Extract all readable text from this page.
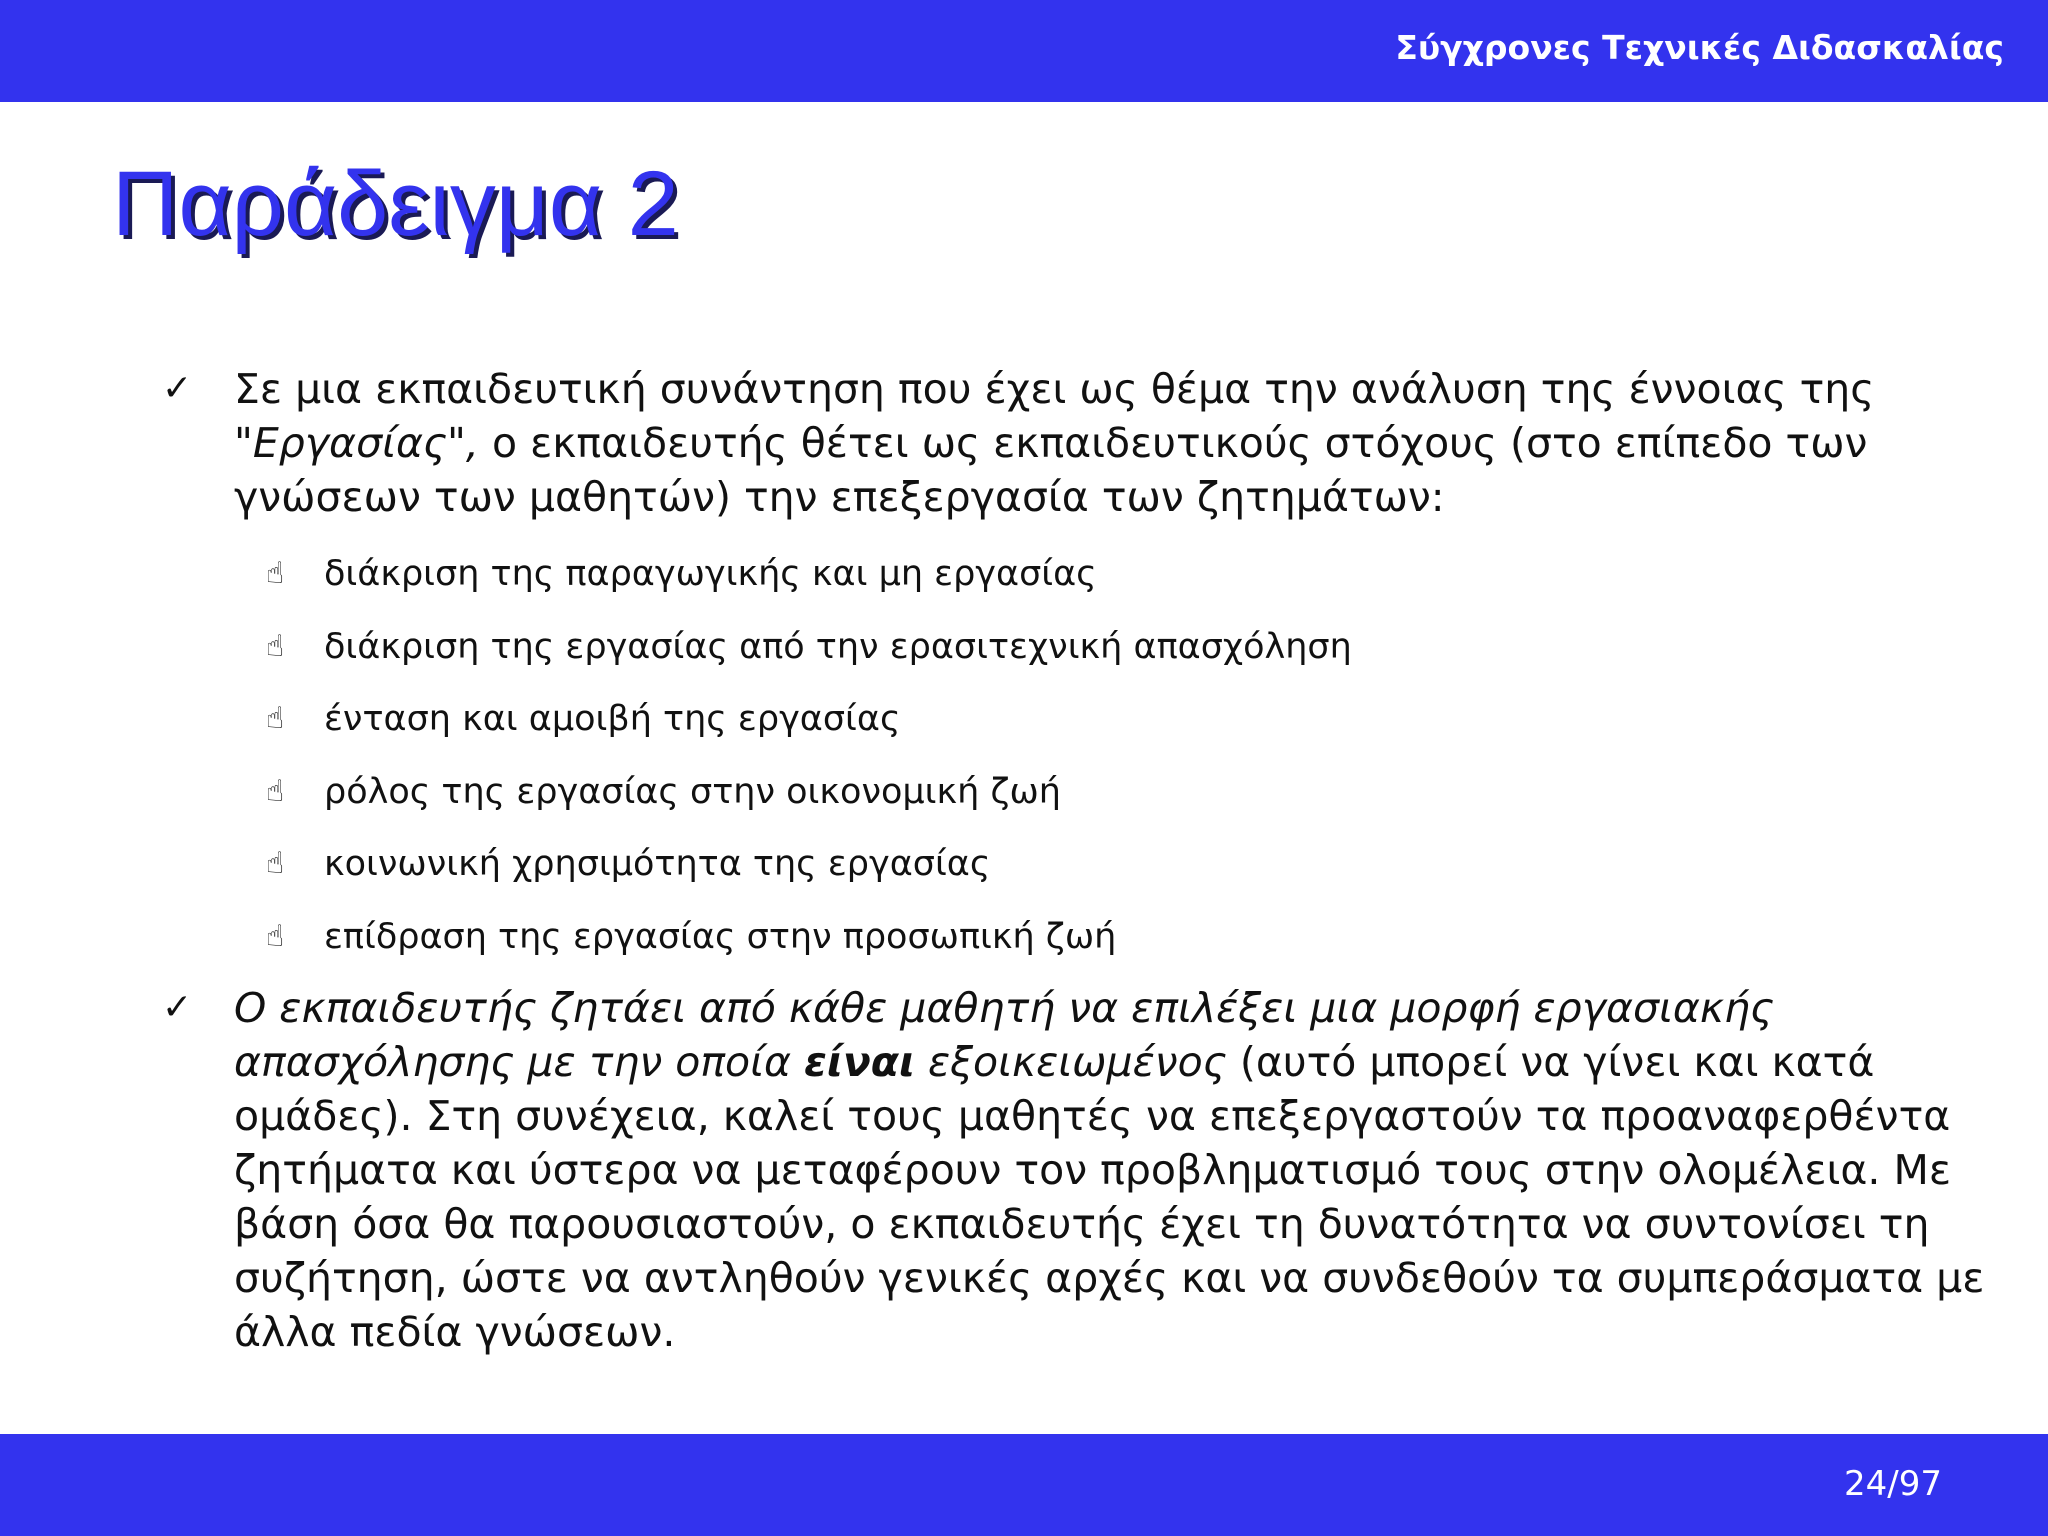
Σύγχρονες Τεχνικές Διδασκαλίας
Παράδειγμα 2
✓ Σε μια εκπαιδευτική συνάντηση που έχει ως θέμα την ανάλυση της έννοιας της "Εργασίας", ο εκπαιδευτής θέτει ως εκπαιδευτικούς στόχους (στο επίπεδο των γνώσεων των μαθητών) την επεξεργασία των ζητημάτων:
☝ διάκριση της παραγωγικής και μη εργασίας
☝ διάκριση της εργασίας από την ερασιτεχνική απασχόληση
☝ ένταση και αμοιβή της εργασίας
☝ ρόλος της εργασίας στην οικονομική ζωή
☝ κοινωνική χρησιμότητα της εργασίας
☝ επίδραση της εργασίας στην προσωπική ζωή
✓ Ο εκπαιδευτής ζητάει από κάθε μαθητή να επιλέξει μια μορφή εργασιακής απασχόλησης με την οποία είναι εξοικειωμένος (αυτό μπορεί να γίνει και κατά ομάδες). Στη συνέχεια, καλεί τους μαθητές να επεξεργαστούν τα προαναφερθέντα ζητήματα και ύστερα να μεταφέρουν τον προβληματισμό τους στην ολομέλεια. Με βάση όσα θα παρουσιαστούν, ο εκπαιδευτής έχει τη δυνατότητα να συντονίσει τη συζήτηση, ώστε να αντληθούν γενικές αρχές και να συνδεθούν τα συμπεράσματα με άλλα πεδία γνώσεων.
24/97
